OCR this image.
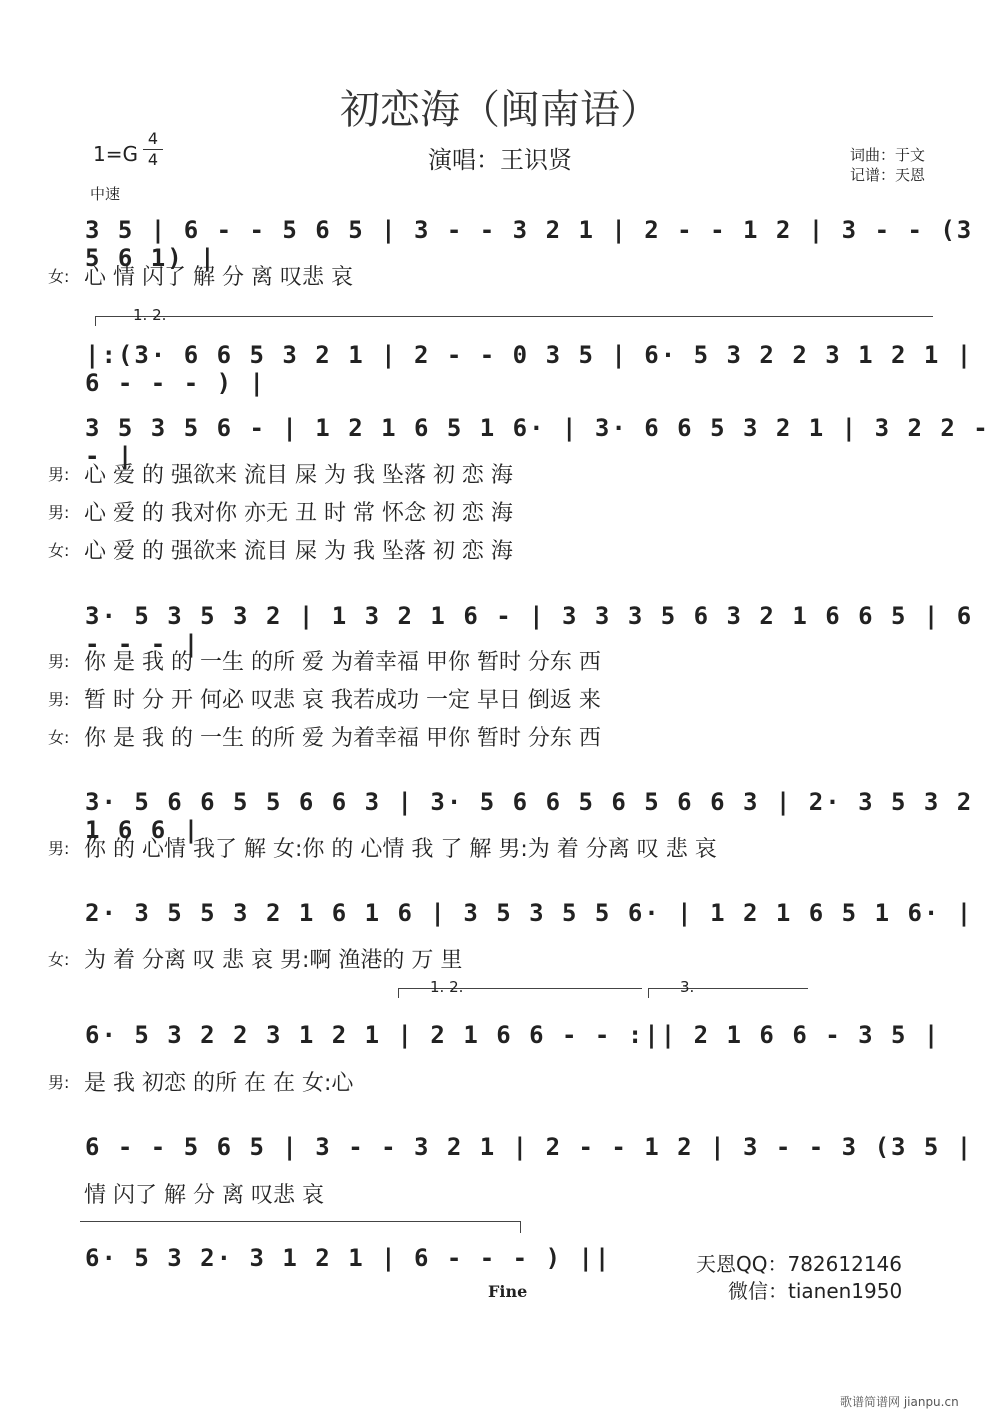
初恋海（闽南语）
1=G
4
4	演唱：王识贤	词曲：于文
记谱：天恩
中速
3 5 | 6 - - 5 6 5 | 3 - - 3 2 1 | 2 - - 1 2 | 3 - - (3 5 6 1) |
女: 心 情 闪了 解 分 离 叹悲 哀
1. 2.
|:(3· 6 6 5 3 2 1 | 2 - - 0 3 5 | 6· 5 3 2 2 3 1 2 1 | 6 - - - ) |
3 5 3 5 6 - | 1 2 1 6 5 1 6· | 3· 6 6 5 3 2 1 | 3 2 2 - - |
男: 心 爱 的 强欲来 流目 屎 为 我 坠落 初 恋 海
男: 心 爱 的 我对你 亦无 丑 时 常 怀念 初 恋 海
女: 心 爱 的 强欲来 流目 屎 为 我 坠落 初 恋 海
3· 5 3 5 3 2 | 1 3 2 1 6 - | 3 3 3 5 6 3 2 1 6 6 5 | 6 - - - |
男: 你 是 我 的 一生 的所 爱 为着幸福 甲你 暂时 分东 西
男: 暂 时 分 开 何必 叹悲 哀 我若成功 一定 早日 倒返 来
女: 你 是 我 的 一生 的所 爱 为着幸福 甲你 暂时 分东 西
3· 5 6 6 5 5 6 6 3 | 3· 5 6 6 5 6 5 6 6 3 | 2· 3 5 3 2 1 6 6 |
男: 你 的 心情 我了 解 女:你 的 心情 我 了 解 男:为 着 分离 叹 悲 哀
2· 3 5 5 3 2 1 6 1 6 | 3 5 3 5 5 6· | 1 2 1 6 5 1 6· |
女: 为 着 分离 叹 悲 哀 男:啊 渔港的 万 里
1. 2.	3.
6· 5 3 2 2 3 1 2 1 | 2 1 6 6 - - :|| 2 1 6 6 - 3 5 |
男: 是 我 初恋 的所 在 在 女:心
6 - - 5 6 5 | 3 - - 3 2 1 | 2 - - 1 2 | 3 - - 3 (3 5 |
情 闪了 解 分 离 叹悲 哀
6· 5 3 2· 3 1 2 1 | 6 - - - ) ||
Fine
天恩QQ：782612146
微信：tianen1950
歌谱简谱网 jianpu.cn
